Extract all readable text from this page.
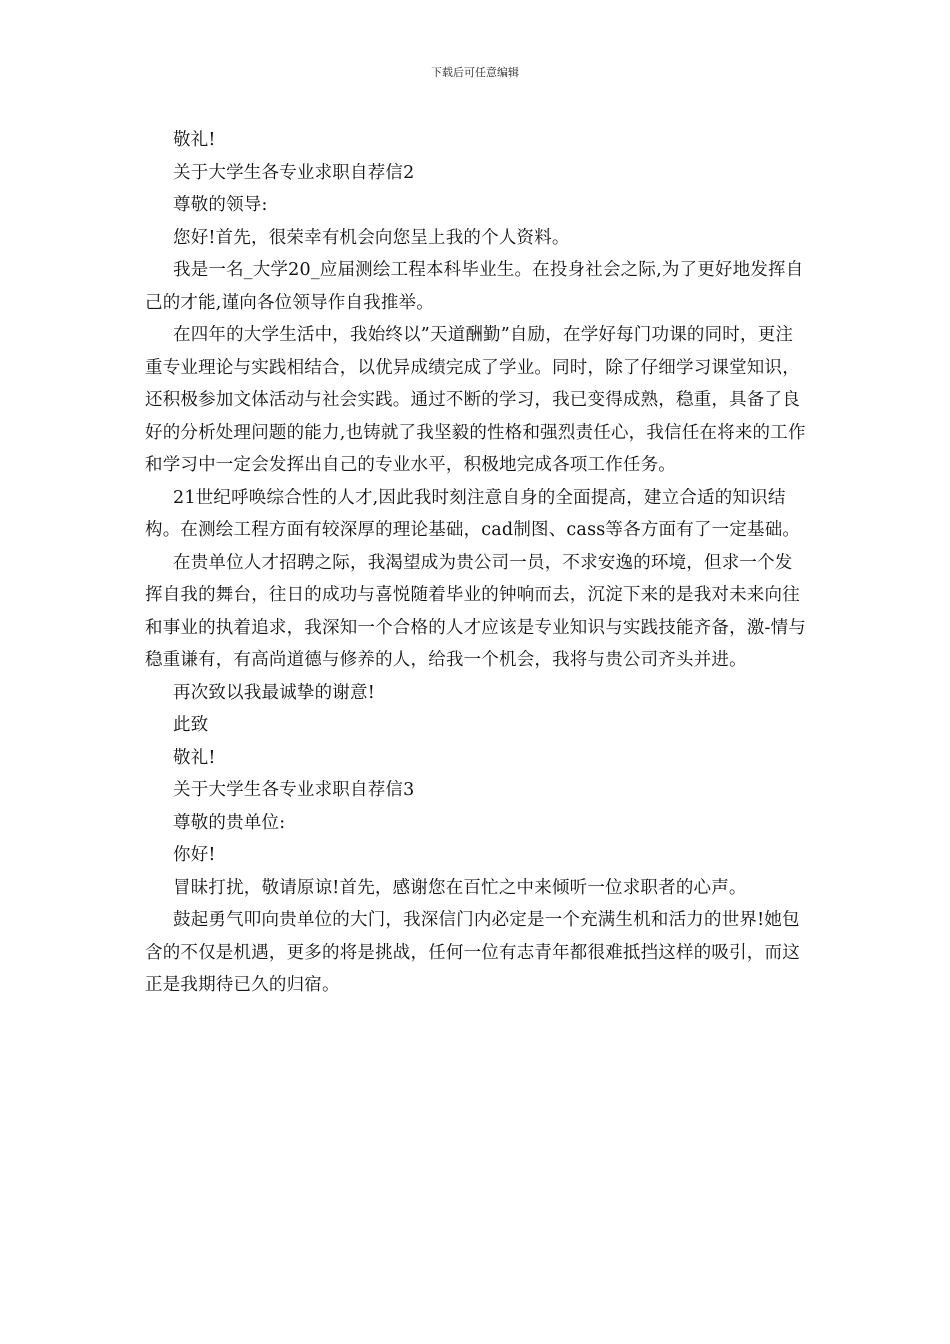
下载后可任意编辑

敬礼!

关于大学生各专业求职自荐信2

尊敬的领导:

您好!首先，很荣幸有机会向您呈上我的个人资料。

我是一名_大学20_应届测绘工程本科毕业生。在投身社会之际,为了更好地发挥自己的才能,谨向各位领导作自我推举。

在四年的大学生活中，我始终以”天道酬勤”自励，在学好每门功课的同时，更注重专业理论与实践相结合，以优异成绩完成了学业。同时，除了仔细学习课堂知识，还积极参加文体活动与社会实践。通过不断的学习，我已变得成熟，稳重，具备了良好的分析处理问题的能力,也铸就了我坚毅的性格和强烈责任心，我信任在将来的工作和学习中一定会发挥出自己的专业水平，积极地完成各项工作任务。

21世纪呼唤综合性的人才,因此我时刻注意自身的全面提高，建立合适的知识结构。在测绘工程方面有较深厚的理论基础，cad制图、cass等各方面有了一定基础。

在贵单位人才招聘之际，我渴望成为贵公司一员，不求安逸的环境，但求一个发挥自我的舞台，往日的成功与喜悦随着毕业的钟响而去，沉淀下来的是我对未来向往和事业的执着追求，我深知一个合格的人才应该是专业知识与实践技能齐备，激-情与稳重谦有，有高尚道德与修养的人，给我一个机会，我将与贵公司齐头并进。

再次致以我最诚挚的谢意!

此致

敬礼!

关于大学生各专业求职自荐信3

尊敬的贵单位:

你好!

冒昧打扰，敬请原谅!首先，感谢您在百忙之中来倾听一位求职者的心声。

鼓起勇气叩向贵单位的大门，我深信门内必定是一个充满生机和活力的世界!她包含的不仅是机遇，更多的将是挑战，任何一位有志青年都很难抵挡这样的吸引，而这正是我期待已久的归宿。
